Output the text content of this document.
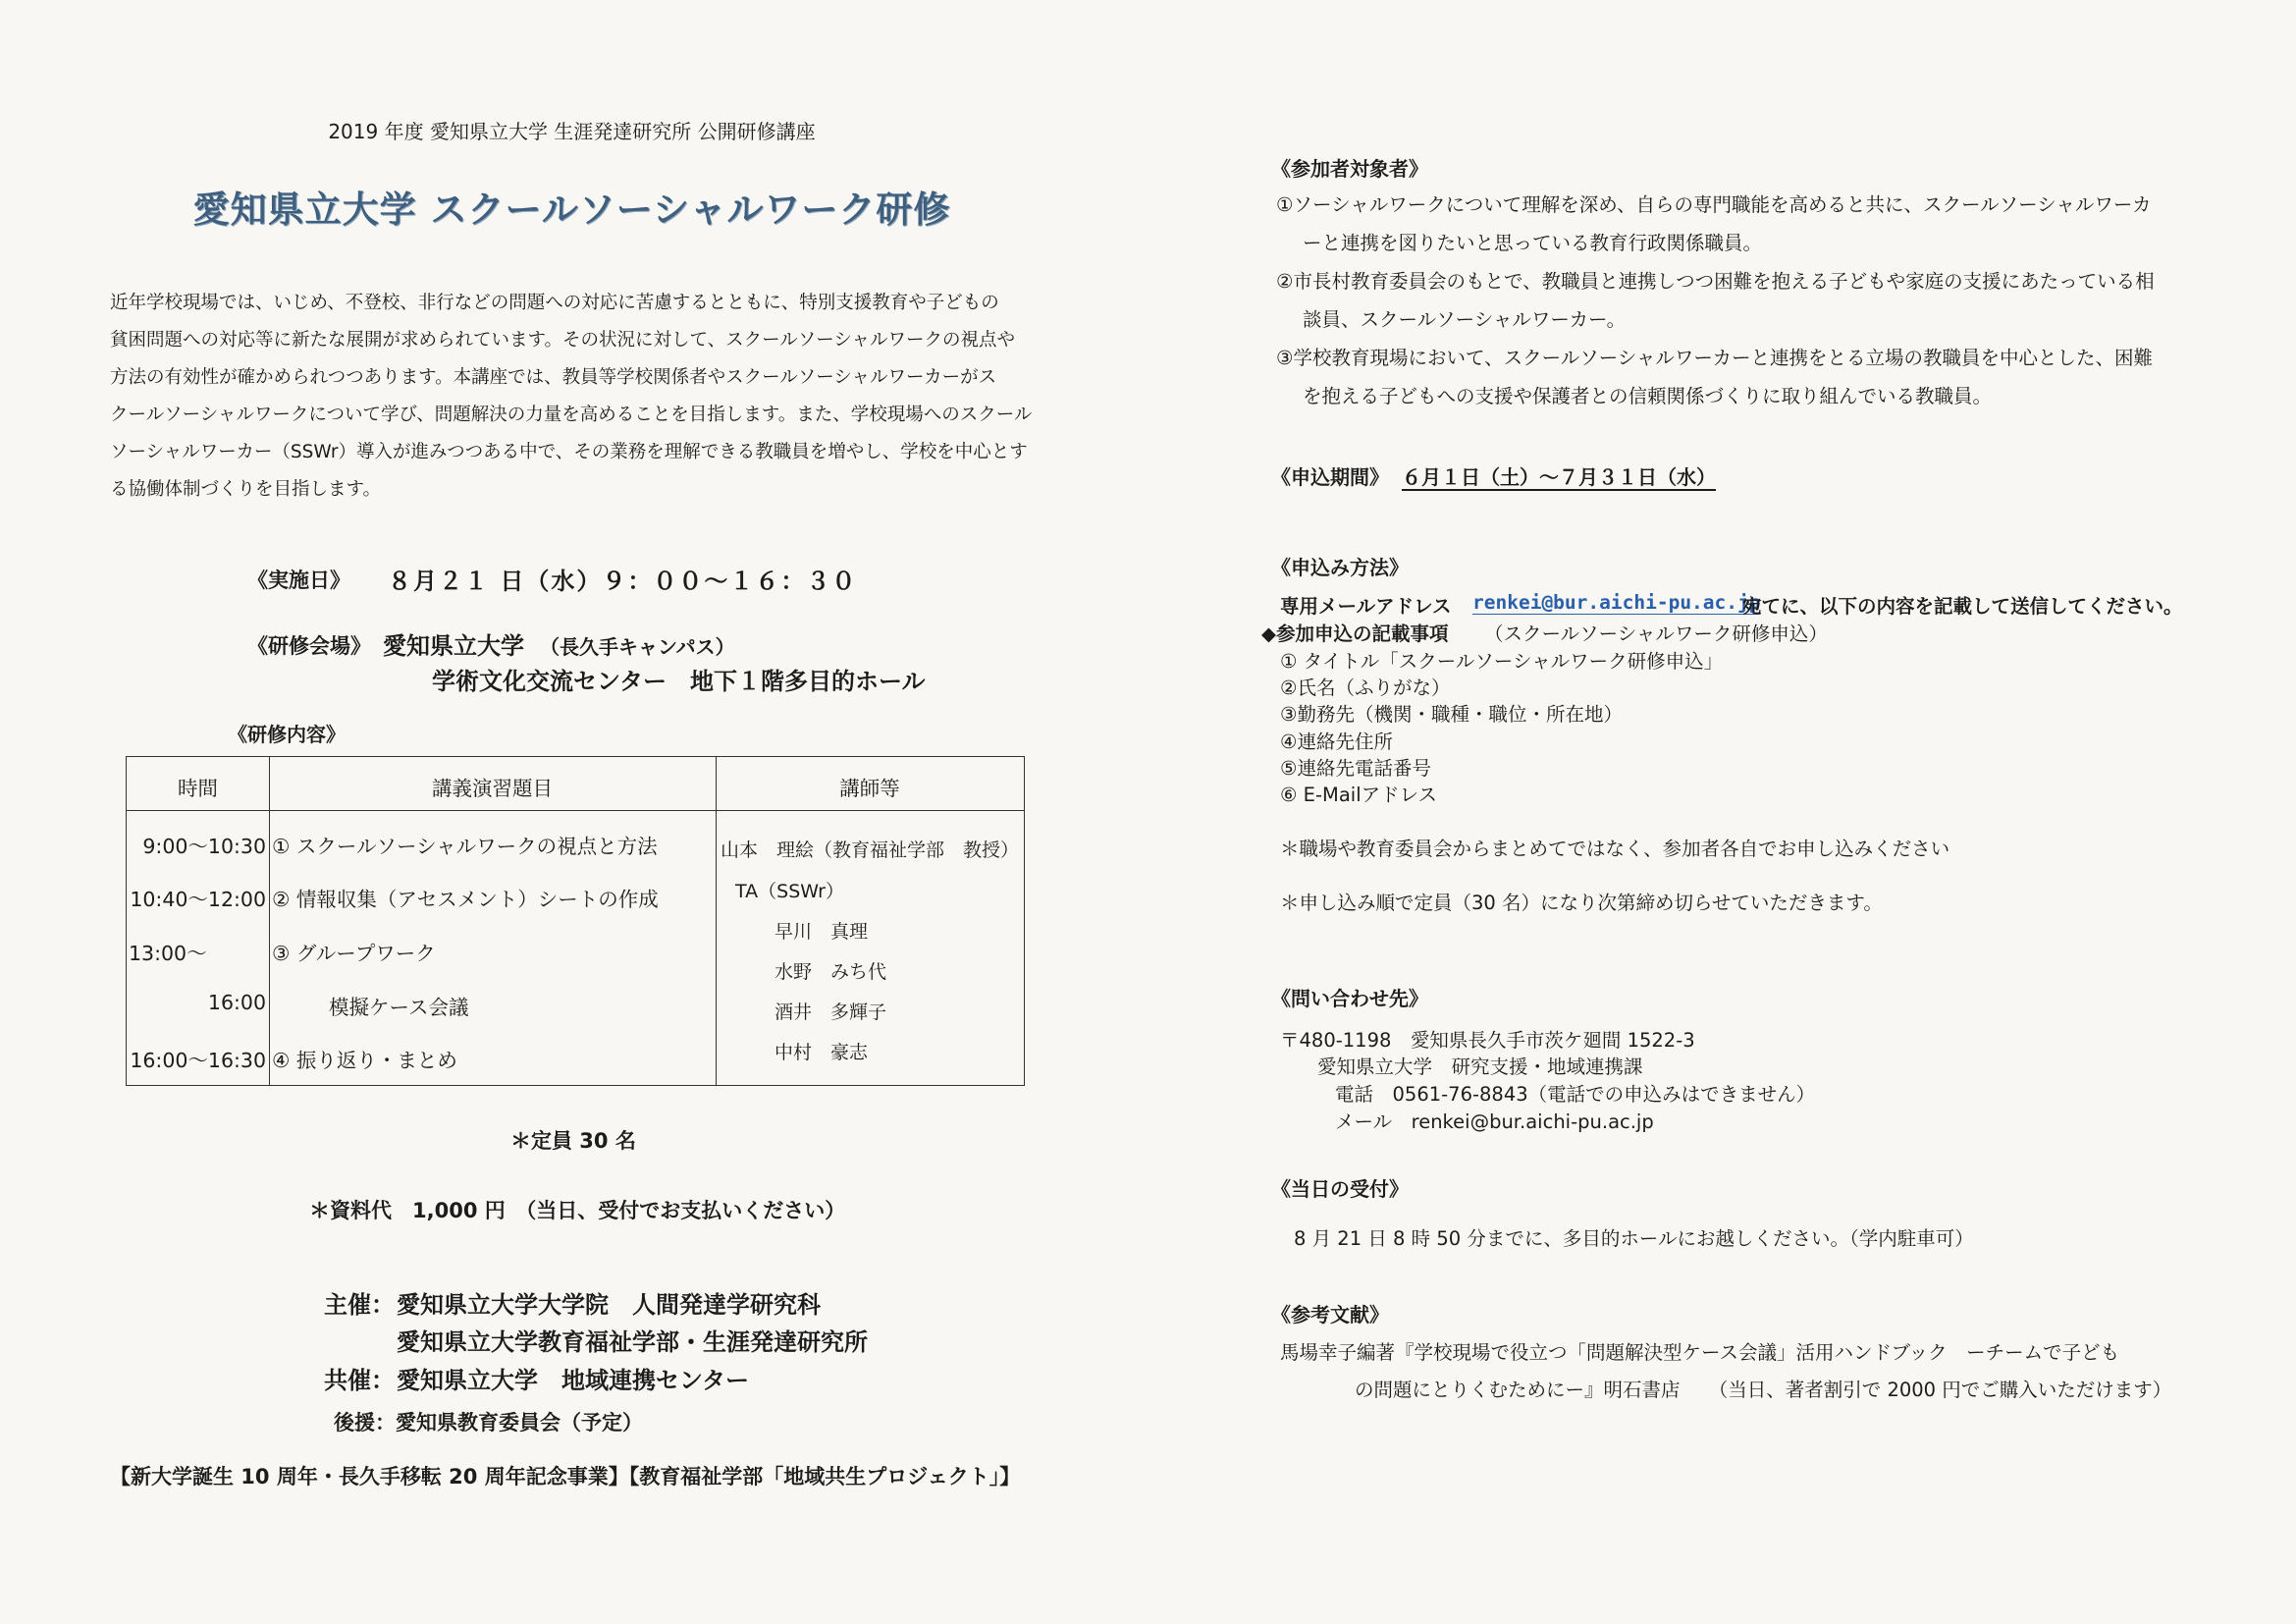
2019 年度 愛知県立大学 生涯発達研究所 公開研修講座
愛知県立大学 スクールソーシャルワーク研修
近年学校現場では、いじめ、不登校、非行などの問題への対応に苦慮するとともに、特別支援教育や子どもの
貧困問題への対応等に新たな展開が求められています。その状況に対して、スクールソーシャルワークの視点や
方法の有効性が確かめられつつあります。本講座では、教員等学校関係者やスクールソーシャルワーカーがス
クールソーシャルワークについて学び、問題解決の力量を高めることを目指します。また、学校現場へのスクール
ソーシャルワーカー（SSWr）導入が進みつつある中で、その業務を理解できる教職員を増やし、学校を中心とす
る協働体制づくりを目指します。
《実施日》 ８月２１ 日（水）９：００～１６：３０
《研修会場》 愛知県立大学 （長久手キャンパス）
学術文化交流センター　地下１階多目的ホール
《研修内容》
時間	講義演習題目	講師等
9:00～10:30
10:40～12:00
13:00～
16:00
16:00～16:30
① スクールソーシャルワークの視点と方法
② 情報収集（アセスメント）シートの作成
③ グループワーク
模擬ケース会議
④ 振り返り・まとめ
山本　理絵（教育福祉学部　教授）
TA（SSWr）
早川　真理
水野　みち代
酒井　多輝子
中村　豪志
＊定員 30 名
＊資料代　1,000 円　（当日、受付でお支払いください）
主催： 愛知県立大学大学院　人間発達学研究科
愛知県立大学教育福祉学部・生涯発達研究所
共催： 愛知県立大学　地域連携センター
後援：愛知県教育委員会（予定）
【新大学誕生 10 周年・長久手移転 20 周年記念事業】【教育福祉学部「地域共生プロジェクト」】
《参加者対象者》
①ソーシャルワークについて理解を深め、自らの専門職能を高めると共に、スクールソーシャルワーカ
ーと連携を図りたいと思っている教育行政関係職員。
②市長村教育委員会のもとで、教職員と連携しつつ困難を抱える子どもや家庭の支援にあたっている相
談員、スクールソーシャルワーカー。
③学校教育現場において、スクールソーシャルワーカーと連携をとる立場の教職員を中心とした、困難
を抱える子どもへの支援や保護者との信頼関係づくりに取り組んでいる教職員。
《申込期間》 ６月１日（土）～７月３１日（水）
《申込み方法》
専用メールアドレス renkei@bur.aichi-pu.ac.jp
宛てに、以下の内容を記載して送信してください。
◆参加申込の記載事項 （スクールソーシャルワーク研修申込）
① タイトル「スクールソーシャルワーク研修申込」
②氏名（ふりがな）
③勤務先（機関・職種・職位・所在地）
④連絡先住所
⑤連絡先電話番号
⑥ E-Mailアドレス
＊職場や教育委員会からまとめてではなく、参加者各自でお申し込みください
＊申し込み順で定員（30 名）になり次第締め切らせていただきます。
《問い合わせ先》
〒480-1198　愛知県長久手市茨ケ廻間 1522-3
愛知県立大学　研究支援・地域連携課
電話　0561-76-8843（電話での申込みはできません）
メール　renkei@bur.aichi-pu.ac.jp
《当日の受付》
8 月 21 日 8 時 50 分までに、多目的ホールにお越しください。（学内駐車可）
《参考文献》
馬場幸子編著『学校現場で役立つ「問題解決型ケース会議」活用ハンドブック　ーチームで子ども
の問題にとりくむためにー』明石書店　　（当日、著者割引で 2000 円でご購入いただけます）
